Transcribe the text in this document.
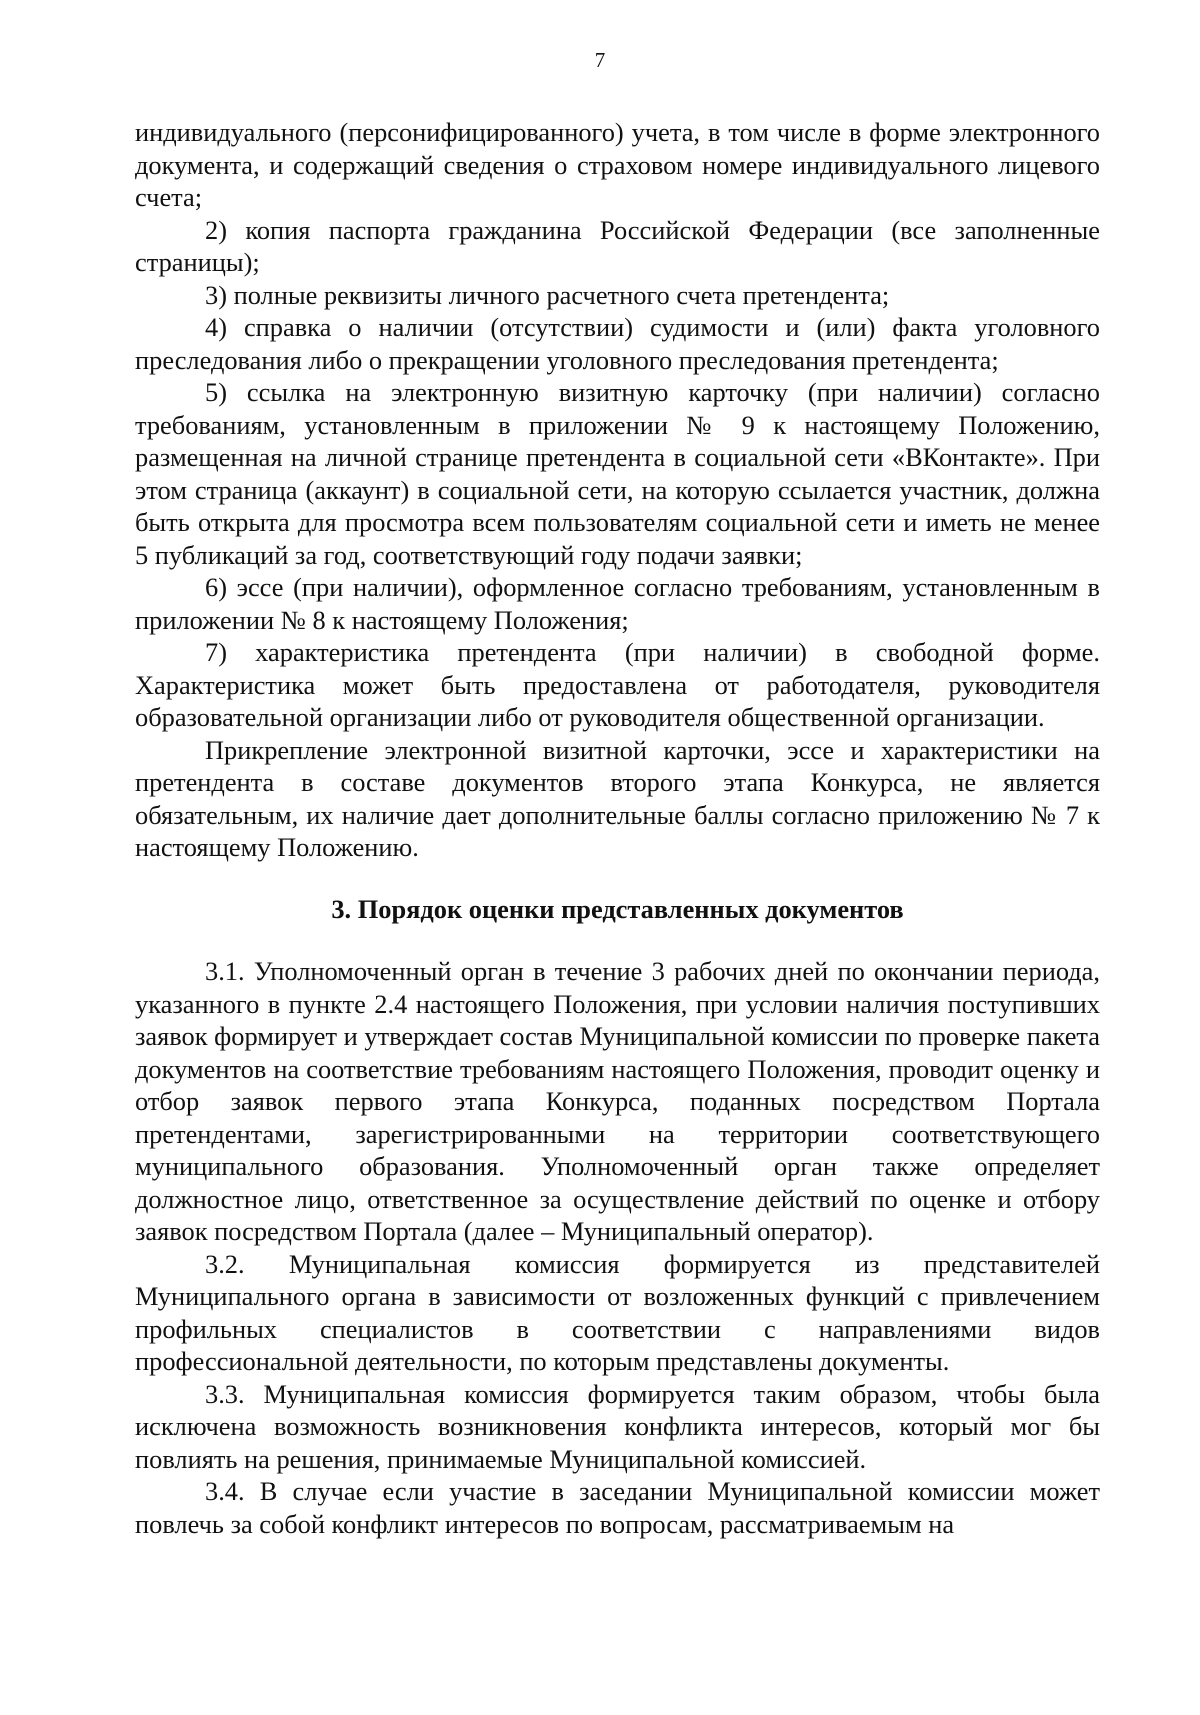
7

индивидуального (персонифицированного) учета, в том числе в форме электронного документа, и содержащий сведения о страховом номере индивидуального лицевого счета;

2) копия паспорта гражданина Российской Федерации (все заполненные страницы);

3) полные реквизиты личного расчетного счета претендента;

4) справка о наличии (отсутствии) судимости и (или) факта уголовного преследования либо о прекращении уголовного преследования претендента;

5) ссылка на электронную визитную карточку (при наличии) согласно требованиям, установленным в приложении № 9 к настоящему Положению, размещенная на личной странице претендента в социальной сети «ВКонтакте». При этом страница (аккаунт) в социальной сети, на которую ссылается участник, должна быть открыта для просмотра всем пользователям социальной сети и иметь не менее 5 публикаций за год, соответствующий году подачи заявки;

6) эссе (при наличии), оформленное согласно требованиям, установленным в приложении № 8 к настоящему Положения;

7) характеристика претендента (при наличии) в свободной форме. Характеристика может быть предоставлена от работодателя, руководителя образовательной организации либо от руководителя общественной организации.

Прикрепление электронной визитной карточки, эссе и характеристики на претендента в составе документов второго этапа Конкурса, не является обязательным, их наличие дает дополнительные баллы согласно приложению № 7 к настоящему Положению.

3. Порядок оценки представленных документов

3.1. Уполномоченный орган в течение 3 рабочих дней по окончании периода, указанного в пункте 2.4 настоящего Положения, при условии наличия поступивших заявок формирует и утверждает состав Муниципальной комиссии по проверке пакета документов на соответствие требованиям настоящего Положения, проводит оценку и отбор заявок первого этапа Конкурса, поданных посредством Портала претендентами, зарегистрированными на территории соответствующего муниципального образования. Уполномоченный орган также определяет должностное лицо, ответственное за осуществление действий по оценке и отбору заявок посредством Портала (далее – Муниципальный оператор).

3.2. Муниципальная комиссия формируется из представителей Муниципального органа в зависимости от возложенных функций с привлечением профильных специалистов в соответствии с направлениями видов профессиональной деятельности, по которым представлены документы.

3.3. Муниципальная комиссия формируется таким образом, чтобы была исключена возможность возникновения конфликта интересов, который мог бы повлиять на решения, принимаемые Муниципальной комиссией.

3.4. В случае если участие в заседании Муниципальной комиссии может повлечь за собой конфликт интересов по вопросам, рассматриваемым на
